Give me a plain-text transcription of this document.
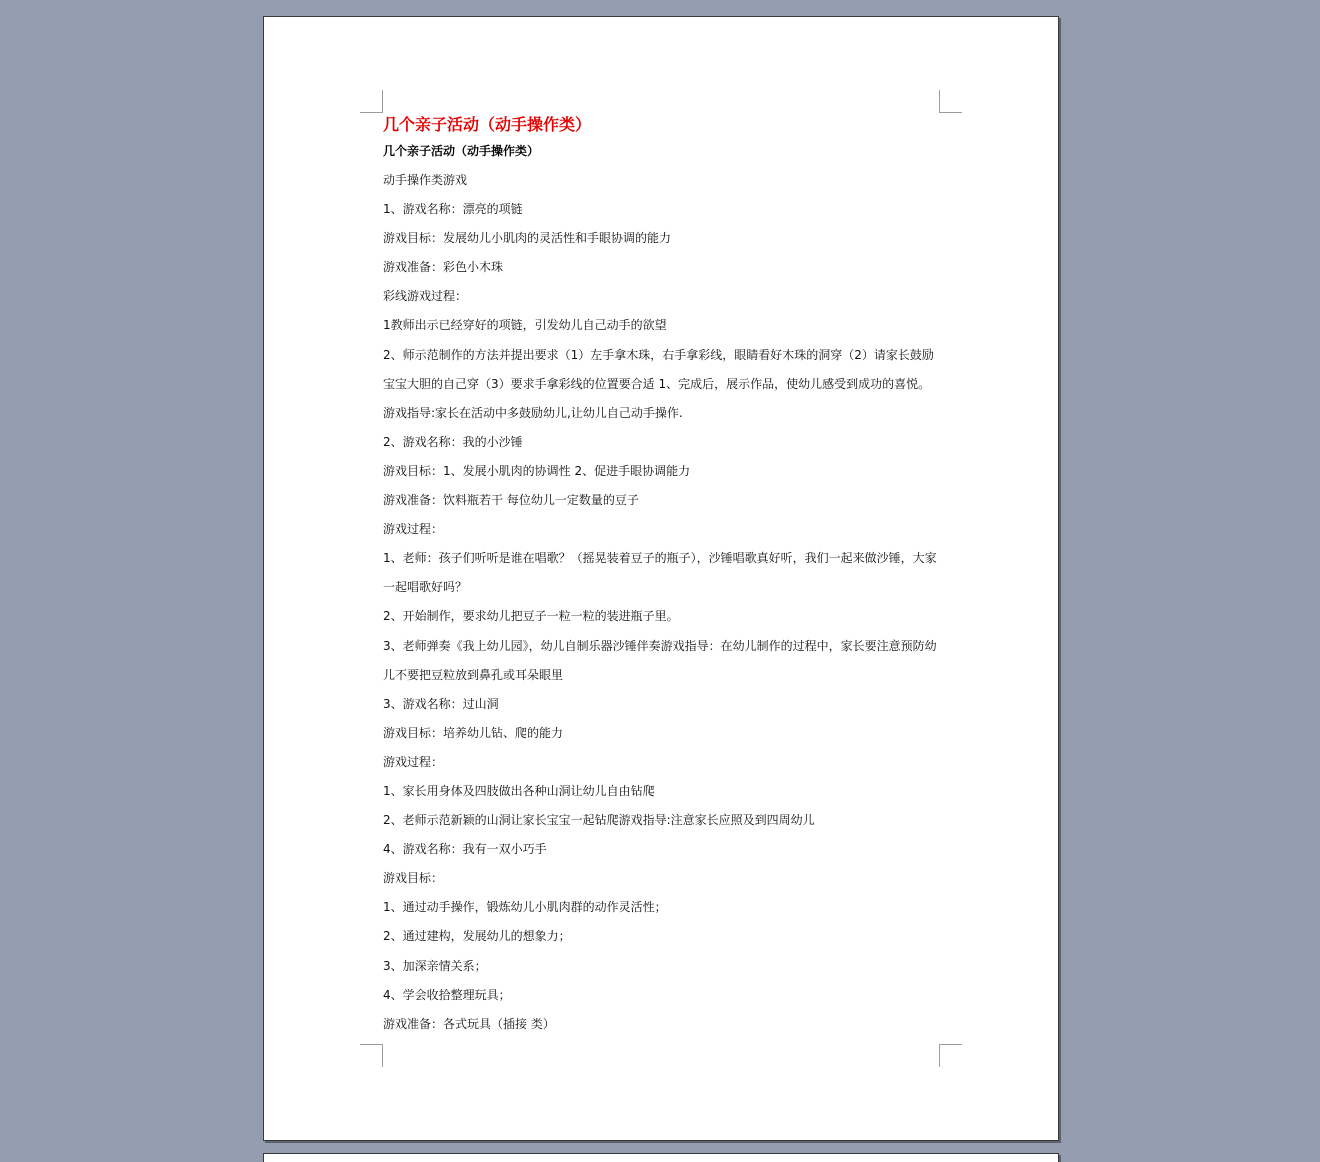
几个亲子活动（动手操作类）
几个亲子活动（动手操作类）
动手操作类游戏
1、游戏名称：漂亮的项链
游戏目标：发展幼儿小肌肉的灵活性和手眼协调的能力
游戏准备：彩色小木珠
彩线游戏过程：
1教师出示已经穿好的项链，引发幼儿自己动手的欲望
2、师示范制作的方法并提出要求（1）左手拿木珠，右手拿彩线，眼睛看好木珠的洞穿（2）请家长鼓励
宝宝大胆的自己穿（3）要求手拿彩线的位置要合适 1、完成后，展示作品，使幼儿感受到成功的喜悦。
游戏指导:家长在活动中多鼓励幼儿,让幼儿自己动手操作.
2、游戏名称：我的小沙锤
游戏目标：1、发展小肌肉的协调性 2、促进手眼协调能力
游戏准备：饮料瓶若干 每位幼儿一定数量的豆子
游戏过程：
1、老师：孩子们听听是谁在唱歌？（摇晃装着豆子的瓶子），沙锤唱歌真好听，我们一起来做沙锤，大家
一起唱歌好吗？
2、开始制作，要求幼儿把豆子一粒一粒的装进瓶子里。
3、老师弹奏《我上幼儿园》，幼儿自制乐器沙锤伴奏游戏指导：在幼儿制作的过程中，家长要注意预防幼
儿不要把豆粒放到鼻孔或耳朵眼里
3、游戏名称：过山洞
游戏目标：培养幼儿钻、爬的能力
游戏过程：
1、家长用身体及四肢做出各种山洞让幼儿自由钻爬
2、老师示范新颖的山洞让家长宝宝一起钻爬游戏指导:注意家长应照及到四周幼儿
4、游戏名称：我有一双小巧手
游戏目标：
1、通过动手操作，锻炼幼儿小肌肉群的动作灵活性；
2、通过建构，发展幼儿的想象力；
3、加深亲情关系；
4、学会收拾整理玩具；
游戏准备：各式玩具（插接 类）
